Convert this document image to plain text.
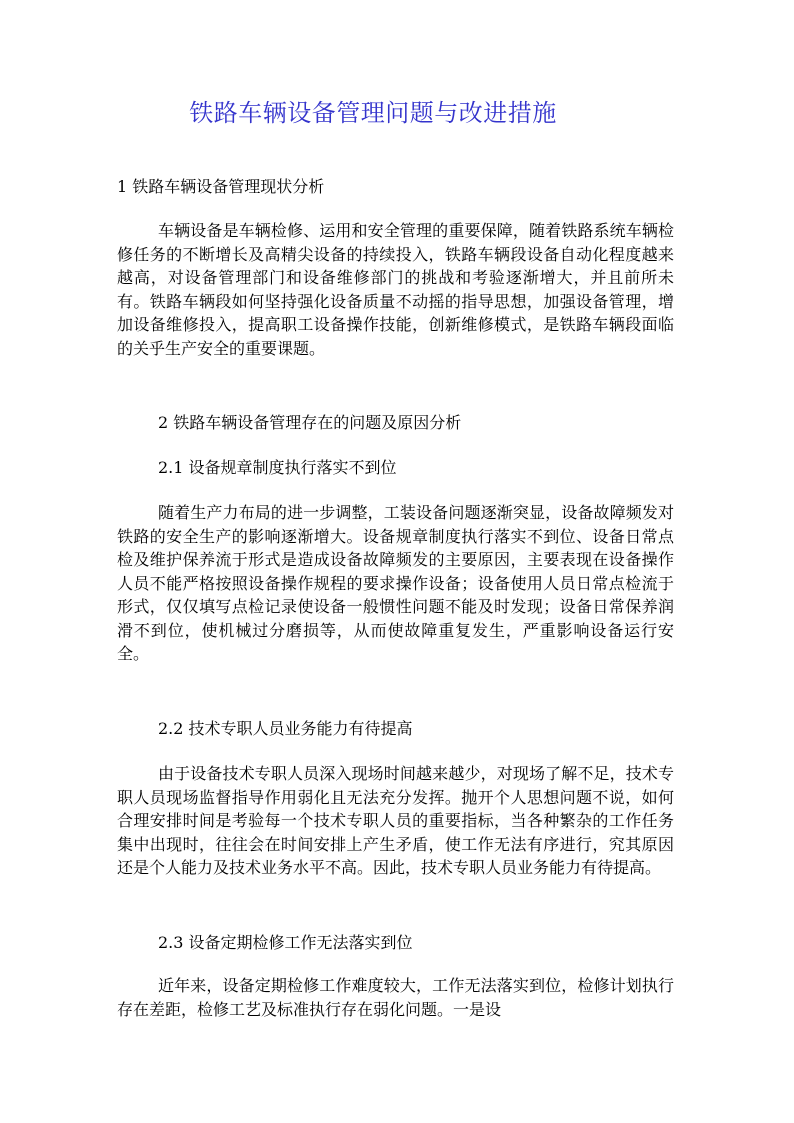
铁路车辆设备管理问题与改进措施
1 铁路车辆设备管理现状分析
车辆设备是车辆检修、运用和安全管理的重要保障，随着铁路系统车辆检修任务的不断增长及高精尖设备的持续投入，铁路车辆段设备自动化程度越来越高，对设备管理部门和设备维修部门的挑战和考验逐渐增大，并且前所未有。铁路车辆段如何坚持强化设备质量不动摇的指导思想，加强设备管理，增加设备维修投入，提高职工设备操作技能，创新维修模式，是铁路车辆段面临的关乎生产安全的重要课题。
2 铁路车辆设备管理存在的问题及原因分析
2.1 设备规章制度执行落实不到位
随着生产力布局的进一步调整，工装设备问题逐渐突显，设备故障频发对铁路的安全生产的影响逐渐增大。设备规章制度执行落实不到位、设备日常点检及维护保养流于形式是造成设备故障频发的主要原因，主要表现在设备操作人员不能严格按照设备操作规程的要求操作设备；设备使用人员日常点检流于形式，仅仅填写点检记录使设备一般惯性问题不能及时发现；设备日常保养润滑不到位，使机械过分磨损等，从而使故障重复发生，严重影响设备运行安全。
2.2 技术专职人员业务能力有待提高
由于设备技术专职人员深入现场时间越来越少，对现场了解不足，技术专职人员现场监督指导作用弱化且无法充分发挥。抛开个人思想问题不说，如何合理安排时间是考验每一个技术专职人员的重要指标，当各种繁杂的工作任务集中出现时，往往会在时间安排上产生矛盾，使工作无法有序进行，究其原因还是个人能力及技术业务水平不高。因此，技术专职人员业务能力有待提高。
2.3 设备定期检修工作无法落实到位
近年来，设备定期检修工作难度较大，工作无法落实到位，检修计划执行存在差距，检修工艺及标准执行存在弱化问题。一是设
